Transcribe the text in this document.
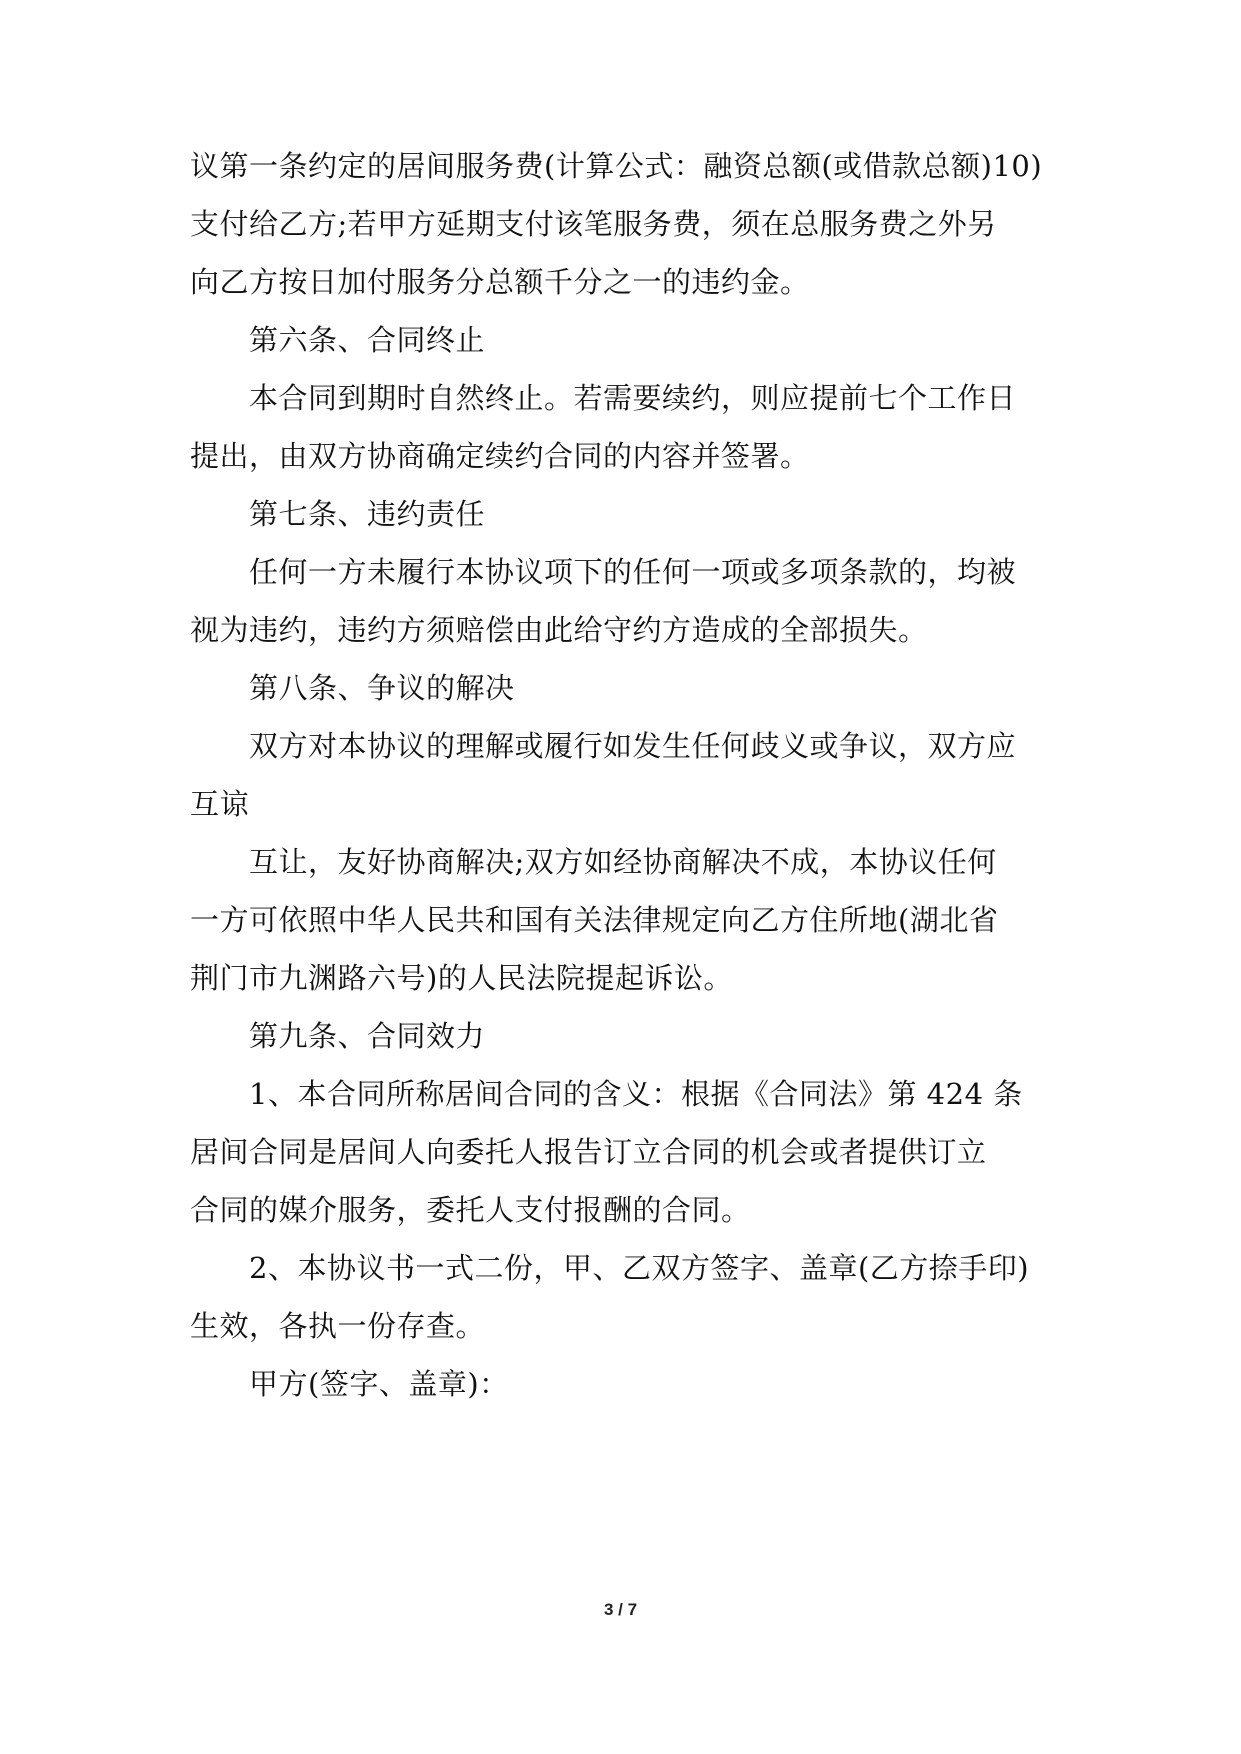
议第一条约定的居间服务费(计算公式：融资总额(或借款总额)10)
支付给乙方;若甲方延期支付该笔服务费，须在总服务费之外另
向乙方按日加付服务分总额千分之一的违约金。
第六条、合同终止
本合同到期时自然终止。若需要续约，则应提前七个工作日
提出，由双方协商确定续约合同的内容并签署。
第七条、违约责任
任何一方未履行本协议项下的任何一项或多项条款的，均被
视为违约，违约方须赔偿由此给守约方造成的全部损失。
第八条、争议的解决
双方对本协议的理解或履行如发生任何歧义或争议，双方应
互谅
互让，友好协商解决;双方如经协商解决不成，本协议任何
一方可依照中华人民共和国有关法律规定向乙方住所地(湖北省
荆门市九渊路六号)的人民法院提起诉讼。
第九条、合同效力
1、本合同所称居间合同的含义：根据《合同法》第 424 条
居间合同是居间人向委托人报告订立合同的机会或者提供订立
合同的媒介服务，委托人支付报酬的合同。
2、本协议书一式二份，甲、乙双方签字、盖章(乙方捺手印)
生效，各执一份存查。
甲方(签字、盖章)：
3 / 7
